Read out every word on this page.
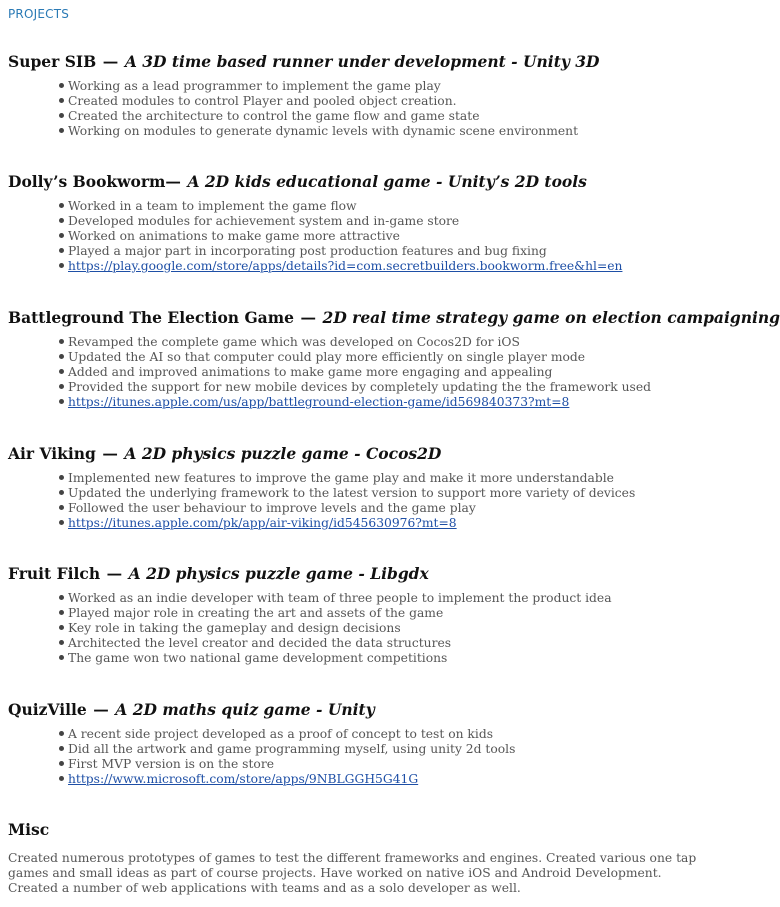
PROJECTS
Super SIB — A 3D time based runner under development - Unity 3D
Working as a lead programmer to implement the game play
Created modules to control Player and pooled object creation.
Created the architecture to control the game flow and game state
Working on modules to generate dynamic levels with dynamic scene environment
Dolly’s Bookworm— A 2D kids educational game - Unity’s 2D tools
Worked in a team to implement the game flow
Developed modules for achievement system and in-game store
Worked on animations to make game more attractive
Played a major part in incorporating post production features and bug fixing
https://play.google.com/store/apps/details?id=com.secretbuilders.bookworm.free&hl=en
Battleground The Election Game — 2D real time strategy game on election campaigning
Revamped the complete game which was developed on Cocos2D for iOS
Updated the AI so that computer could play more efficiently on single player mode
Added and improved animations to make game more engaging and appealing
Provided the support for new mobile devices by completely updating the the framework used
https://itunes.apple.com/us/app/battleground-election-game/id569840373?mt=8
Air Viking — A 2D physics puzzle game - Cocos2D
Implemented new features to improve the game play and make it more understandable
Updated the underlying framework to the latest version to support more variety of devices
Followed the user behaviour to improve levels and the game play
https://itunes.apple.com/pk/app/air-viking/id545630976?mt=8
Fruit Filch — A 2D physics puzzle game - Libgdx
Worked as an indie developer with team of three people to implement the product idea
Played major role in creating the art and assets of the game
Key role in taking the gameplay and design decisions
Architected the level creator and decided the data structures
The game won two national game development competitions
QuizVille — A 2D maths quiz game - Unity
A recent side project developed as a proof of concept to test on kids
Did all the artwork and game programming myself, using unity 2d tools
First MVP version is on the store
https://www.microsoft.com/store/apps/9NBLGGH5G41G
Misc

Created numerous prototypes of games to test the different frameworks and engines. Created various one tap games and small ideas as part of course projects. Have worked on native iOS and Android Development. Created a number of web applications with teams and as a solo developer as well.
